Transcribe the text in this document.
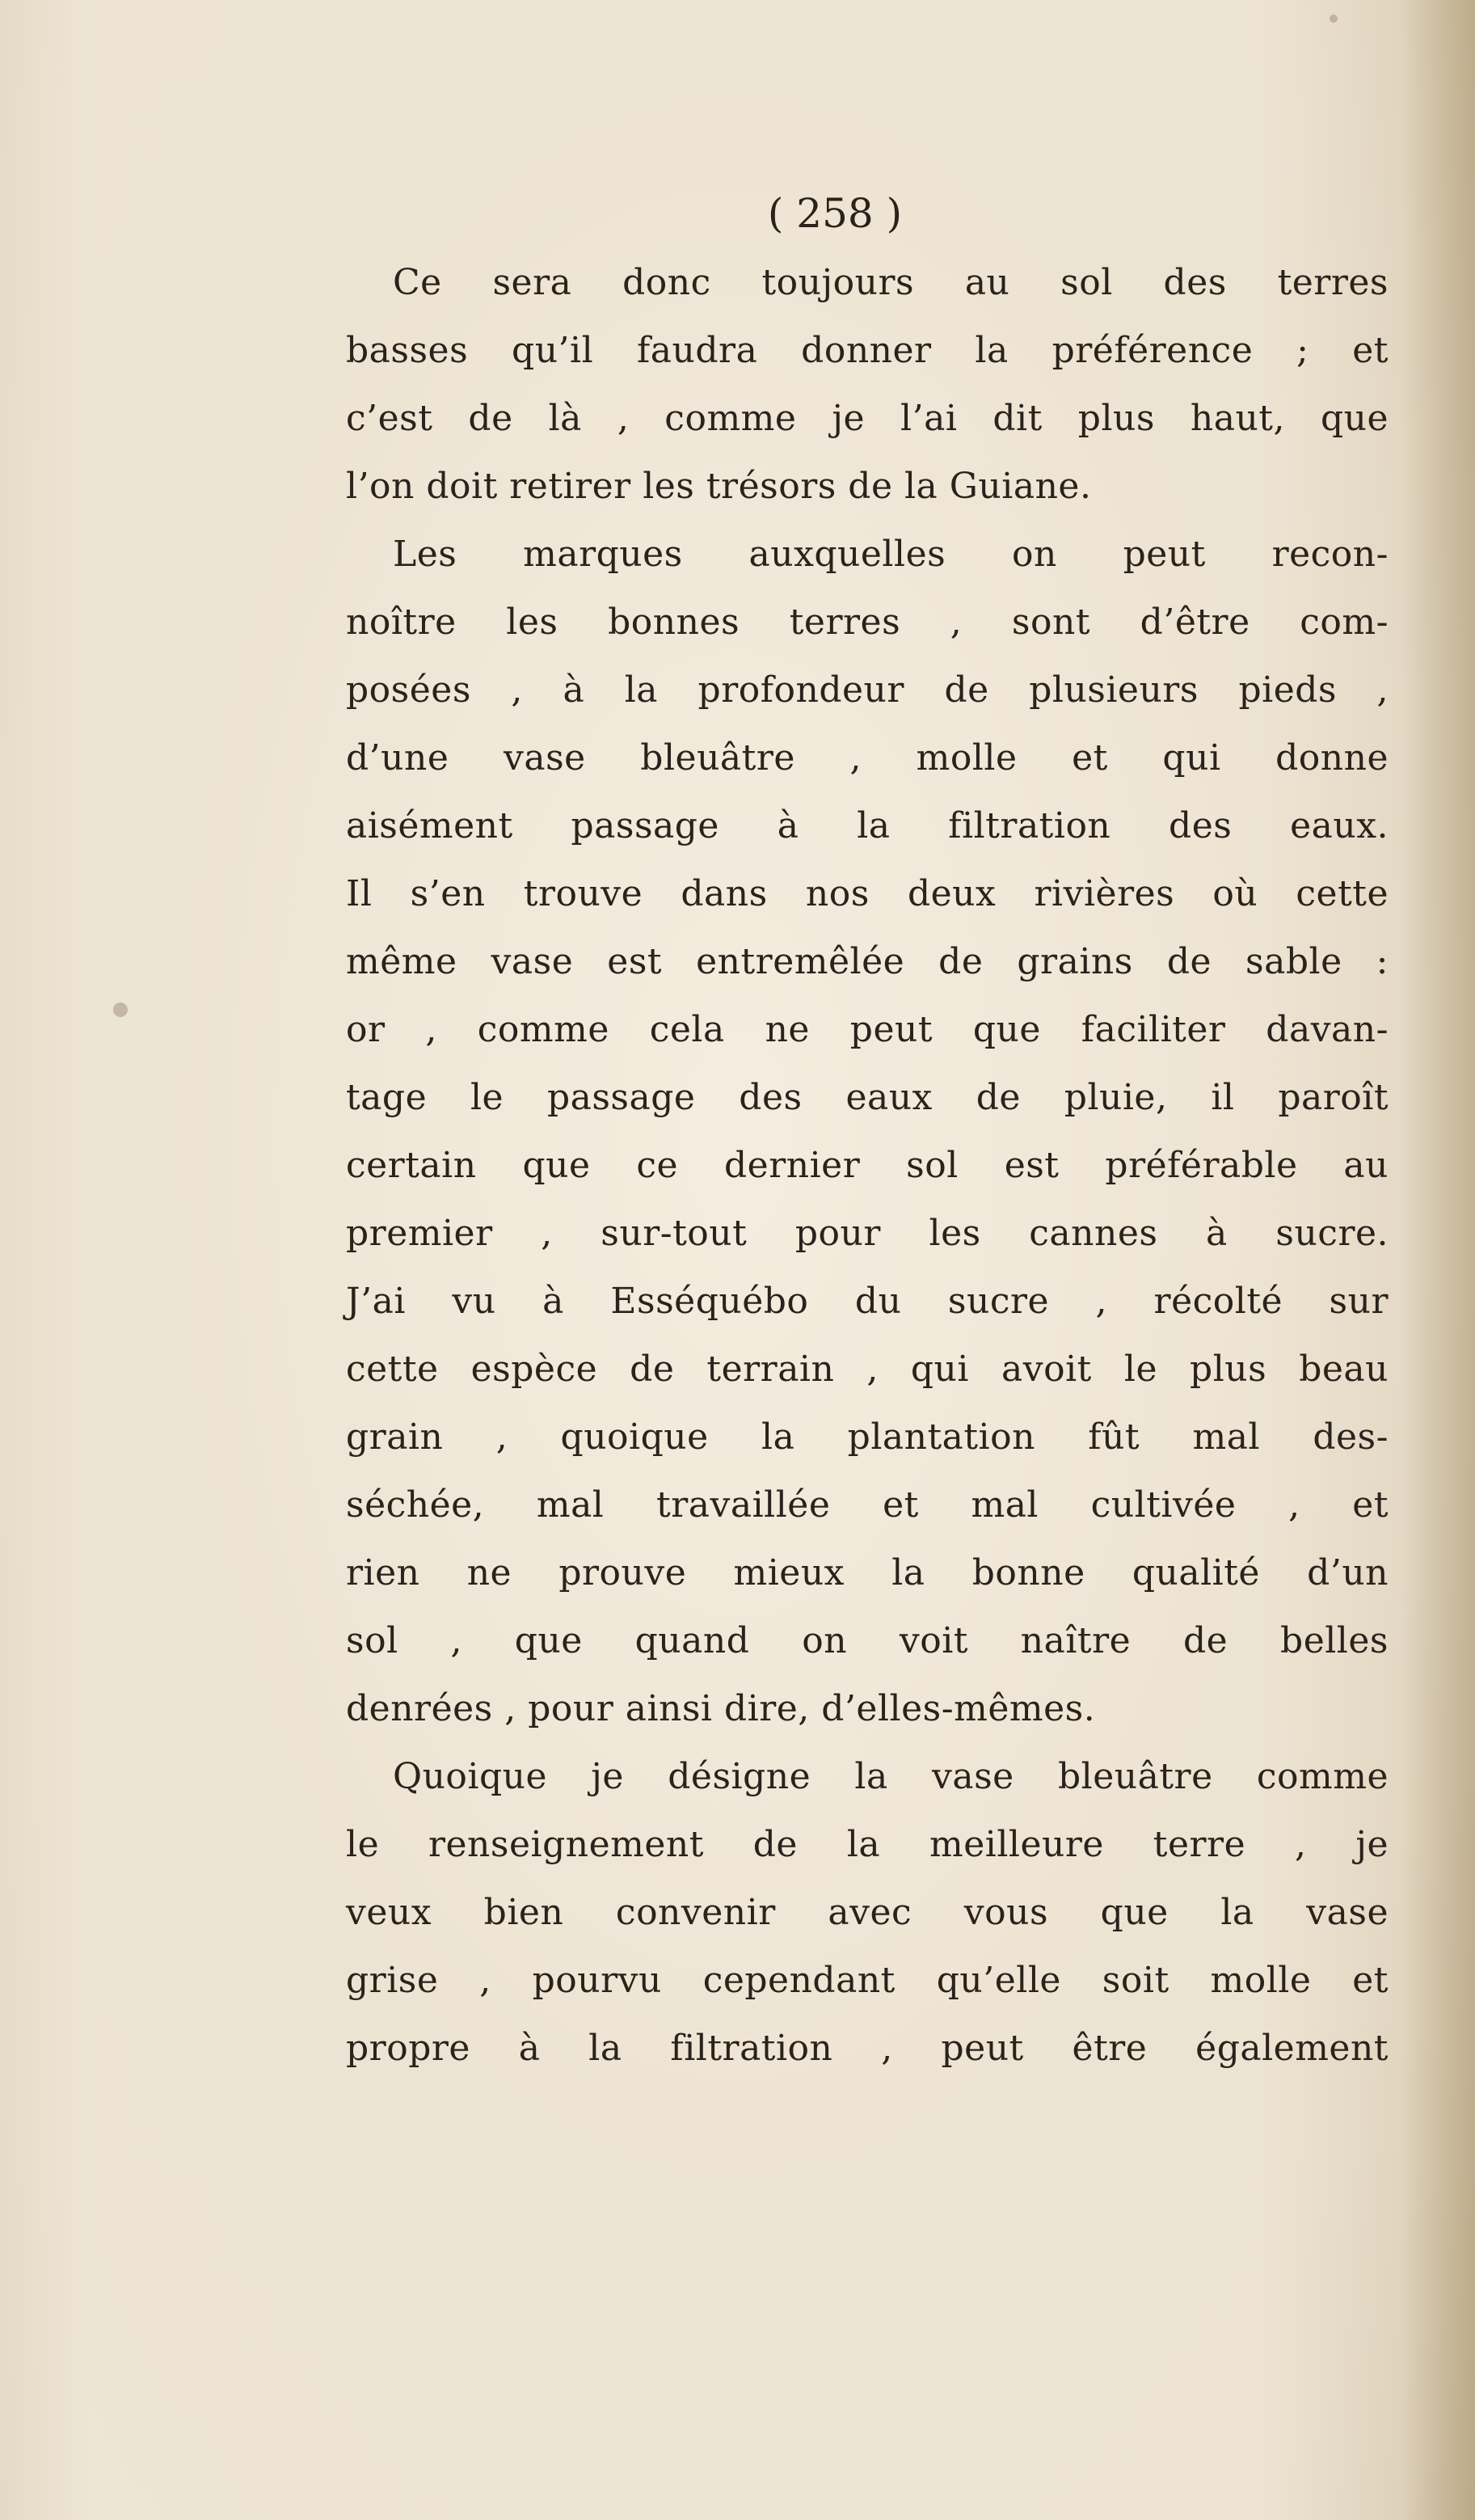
( 258 )
Ce sera donc toujours au sol des terres
basses qu’il faudra donner la préférence ; et
c’est de là , comme je l’ai dit plus haut, que
l’on doit retirer les trésors de la Guiane.
Les marques auxquelles on peut recon-
noître les bonnes terres , sont d’être com-
posées , à la profondeur de plusieurs pieds ,
d’une vase bleuâtre , molle et qui donne
aisément passage à la filtration des eaux.
Il s’en trouve dans nos deux rivières où cette
même vase est entremêlée de grains de sable :
or , comme cela ne peut que faciliter davan-
tage le passage des eaux de pluie, il paroît
certain que ce dernier sol est préférable au
premier , sur-tout pour les cannes à sucre.
J’ai vu à Esséquébo du sucre , récolté sur
cette espèce de terrain , qui avoit le plus beau
grain , quoique la plantation fût mal des-
séchée, mal travaillée et mal cultivée , et
rien ne prouve mieux la bonne qualité d’un
sol , que quand on voit naître de belles
denrées , pour ainsi dire, d’elles-mêmes.
Quoique je désigne la vase bleuâtre comme
le renseignement de la meilleure terre , je
veux bien convenir avec vous que la vase
grise , pourvu cependant qu’elle soit molle et
propre à la filtration , peut être également
